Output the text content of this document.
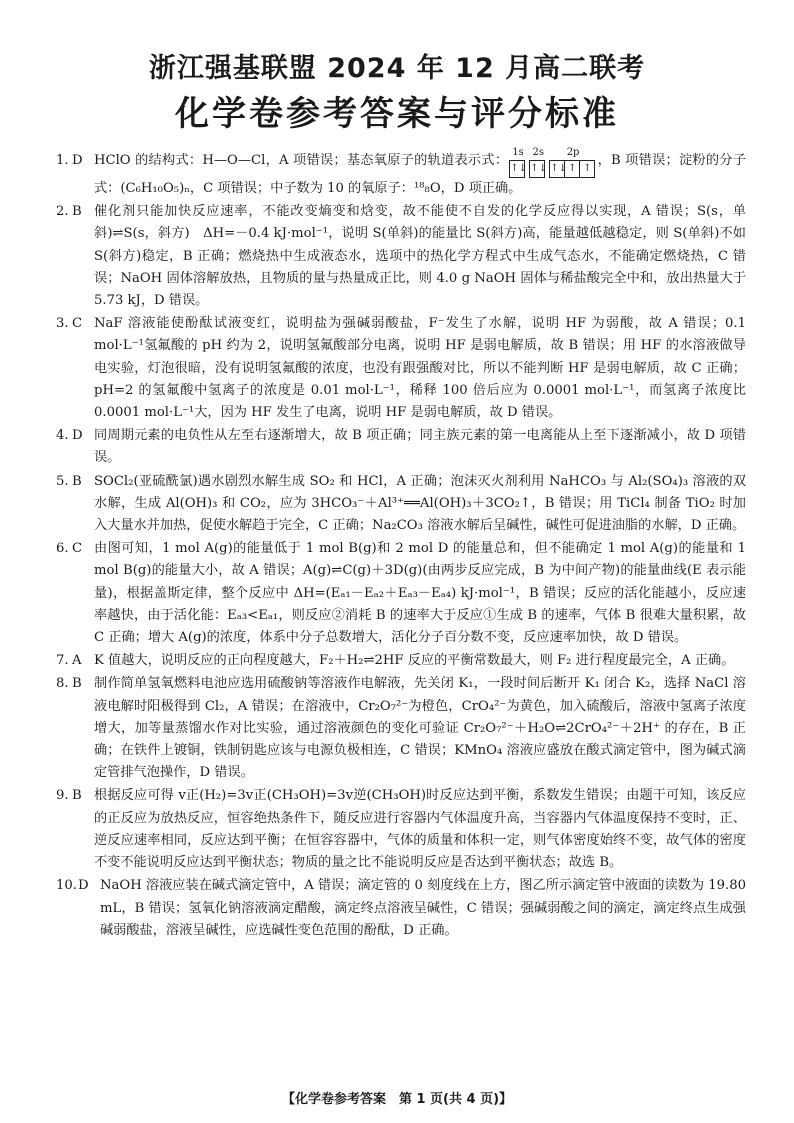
浙江强基联盟 2024 年 12 月高二联考
化学卷参考答案与评分标准
1. D HClO 的结构式：H—O—Cl，A 项错误；基态氧原子的轨道表示式：
1s 2s	2p
↑↓ ↑↓ ↑↓ ↑ ↑
，B 项错误；淀粉的分子式：(C₆H₁₀O₅)ₙ，C 项错误；中子数为 10 的氧原子：¹⁸₈O，D 项正确。
2. B 催化剂只能加快反应速率，不能改变熵变和焓变，故不能使不自发的化学反应得以实现，A 错误；S(s，单斜)⇌S(s，斜方)　ΔH=－0.4 kJ·mol⁻¹，说明 S(单斜)的能量比 S(斜方)高，能量越低越稳定，则 S(单斜)不如 S(斜方)稳定，B 正确；燃烧热中生成液态水，选项中的热化学方程式中生成气态水，不能确定燃烧热，C 错误；NaOH 固体溶解放热，且物质的量与热量成正比，则 4.0 g NaOH 固体与稀盐酸完全中和，放出热量大于 5.73 kJ，D 错误。
3. C NaF 溶液能使酚酞试液变红，说明盐为强碱弱酸盐，F⁻发生了水解，说明 HF 为弱酸，故 A 错误；0.1 mol·L⁻¹氢氟酸的 pH 约为 2，说明氢氟酸部分电离，说明 HF 是弱电解质，故 B 错误；用 HF 的水溶液做导电实验，灯泡很暗，没有说明氢氟酸的浓度，也没有跟强酸对比，所以不能判断 HF 是弱电解质，故 C 正确；pH=2 的氢氟酸中氢离子的浓度是 0.01 mol·L⁻¹，稀释 100 倍后应为 0.0001 mol·L⁻¹，而氢离子浓度比 0.0001 mol·L⁻¹大，因为 HF 发生了电离，说明 HF 是弱电解质，故 D 错误。
4. D 同周期元素的电负性从左至右逐渐增大，故 B 项正确；同主族元素的第一电离能从上至下逐渐减小，故 D 项错误。
5. B SOCl₂(亚硫酰氯)遇水剧烈水解生成 SO₂ 和 HCl，A 正确；泡沫灭火剂利用 NaHCO₃ 与 Al₂(SO₄)₃ 溶液的双水解，生成 Al(OH)₃ 和 CO₂，应为 3HCO₃⁻＋Al³⁺══Al(OH)₃＋3CO₂↑，B 错误；用 TiCl₄ 制备 TiO₂ 时加入大量水并加热，促使水解趋于完全，C 正确；Na₂CO₃ 溶液水解后呈碱性，碱性可促进油脂的水解，D 正确。
6. C 由图可知，1 mol A(g)的能量低于 1 mol B(g)和 2 mol D 的能量总和，但不能确定 1 mol A(g)的能量和 1 mol B(g)的能量大小，故 A 错误；A(g)⇌C(g)＋3D(g)(由两步反应完成，B 为中间产物)的能量曲线(E 表示能量)，根据盖斯定律，整个反应中 ΔH=(Eₐ₁－Eₐ₂＋Eₐ₃－Eₐ₄) kJ·mol⁻¹，B 错误；反应的活化能越小，反应速率越快，由于活化能：Eₐ₃<Eₐ₁，则反应②消耗 B 的速率大于反应①生成 B 的速率，气体 B 很难大量积累，故 C 正确；增大 A(g)的浓度，体系中分子总数增大，活化分子百分数不变，反应速率加快，故 D 错误。
7. A K 值越大，说明反应的正向程度越大，F₂＋H₂⇌2HF 反应的平衡常数最大，则 F₂ 进行程度最完全，A 正确。
8. B 制作简单氢氧燃料电池应选用硫酸钠等溶液作电解液，先关闭 K₁，一段时间后断开 K₁ 闭合 K₂，选择 NaCl 溶液电解时阳极得到 Cl₂，A 错误；在溶液中，Cr₂O₇²⁻为橙色，CrO₄²⁻为黄色，加入硫酸后，溶液中氢离子浓度增大，加等量蒸馏水作对比实验，通过溶液颜色的变化可验证 Cr₂O₇²⁻＋H₂O⇌2CrO₄²⁻＋2H⁺ 的存在，B 正确；在铁件上镀铜，铁制钥匙应该与电源负极相连，C 错误；KMnO₄ 溶液应盛放在酸式滴定管中，图为碱式滴定管排气泡操作，D 错误。
9. B 根据反应可得 v正(H₂)=3v正(CH₃OH)=3v逆(CH₃OH)时反应达到平衡，系数发生错误；由题干可知，该反应的正反应为放热反应，恒容绝热条件下，随反应进行容器内气体温度升高，当容器内气体温度保持不变时，正、逆反应速率相同，反应达到平衡；在恒容容器中，气体的质量和体积一定，则气体密度始终不变，故气体的密度不变不能说明反应达到平衡状态；物质的量之比不能说明反应是否达到平衡状态；故选 B。
10. D NaOH 溶液应装在碱式滴定管中，A 错误；滴定管的 0 刻度线在上方，图乙所示滴定管中液面的读数为 19.80 mL，B 错误；氢氧化钠溶液滴定醋酸，滴定终点溶液呈碱性，C 错误；强碱弱酸之间的滴定，滴定终点生成强碱弱酸盐，溶液呈碱性，应选碱性变色范围的酚酞，D 正确。
【化学卷参考答案　第 1 页(共 4 页)】
